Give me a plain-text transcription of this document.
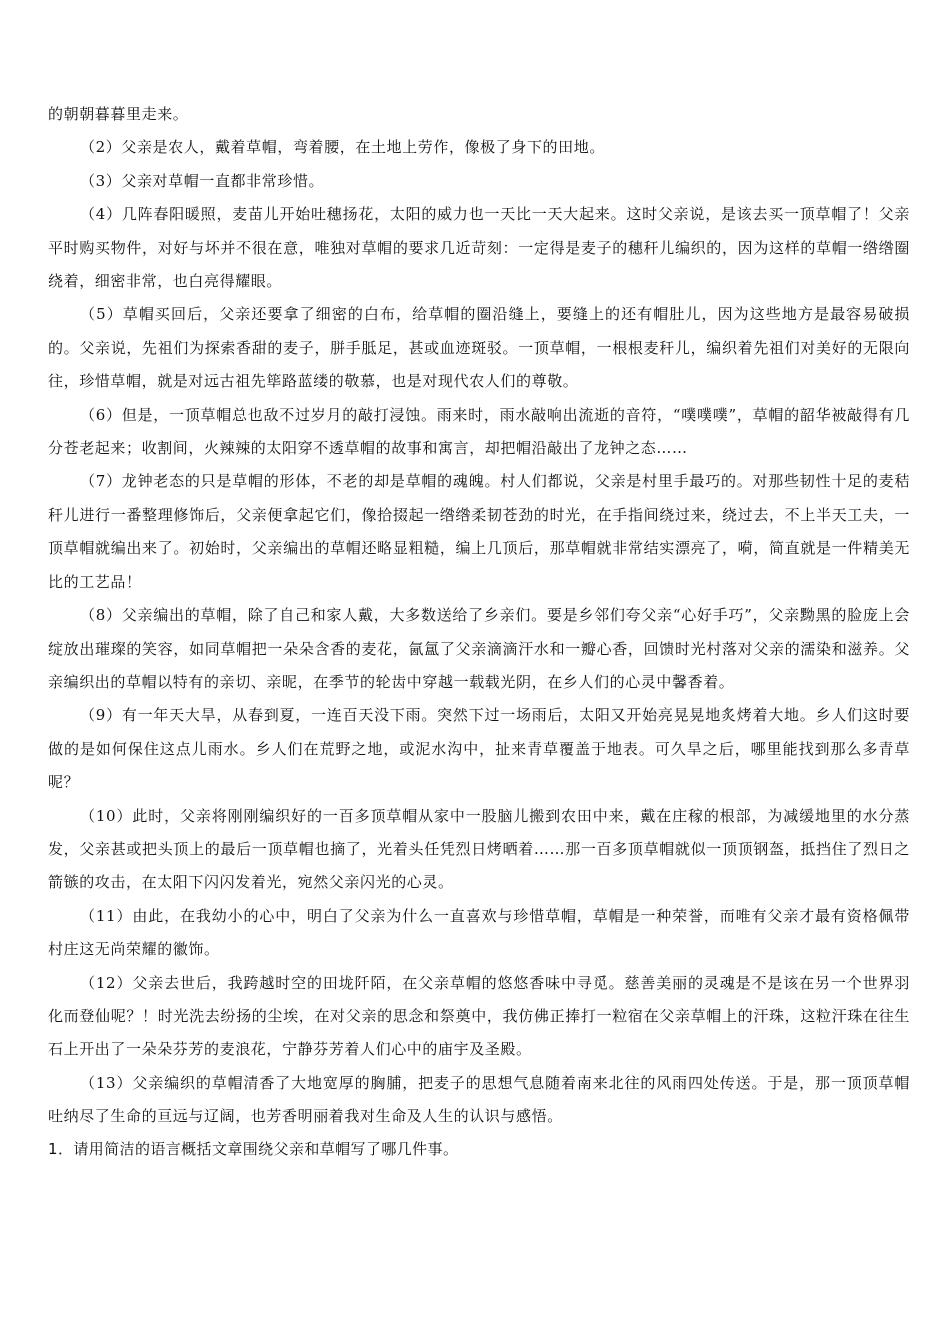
的朝朝暮暮里走来。

（2）父亲是农人，戴着草帽，弯着腰，在土地上劳作，像极了身下的田地。

（3）父亲对草帽一直都非常珍惜。

（4）几阵春阳暖照，麦苗儿开始吐穗扬花，太阳的威力也一天比一天大起来。这时父亲说，是该去买一顶草帽了！父亲平时购买物件，对好与坏并不很在意，唯独对草帽的要求几近苛刻：一定得是麦子的穗秆儿编织的，因为这样的草帽一绺绺圈绕着，细密非常，也白亮得耀眼。

（5）草帽买回后，父亲还要拿了细密的白布，给草帽的圈沿缝上，要缝上的还有帽肚儿，因为这些地方是最容易破损的。父亲说，先祖们为探索香甜的麦子，胼手胝足，甚或血迹斑驳。一顶草帽，一根根麦秆儿，编织着先祖们对美好的无限向往，珍惜草帽，就是对远古祖先筚路蓝缕的敬慕，也是对现代农人们的尊敬。

（6）但是，一顶草帽总也敌不过岁月的敲打浸蚀。雨来时，雨水敲响出流逝的音符，“噗噗噗”，草帽的韶华被敲得有几分苍老起来；收割间，火辣辣的太阳穿不透草帽的故事和寓言，却把帽沿敲出了龙钟之态……

（7）龙钟老态的只是草帽的形体，不老的却是草帽的魂魄。村人们都说，父亲是村里手最巧的。对那些韧性十足的麦秸秆儿进行一番整理修饰后，父亲便拿起它们，像拾掇起一绺绺柔韧苍劲的时光，在手指间绕过来，绕过去，不上半天工夫，一顶草帽就编出来了。初始时，父亲编出的草帽还略显粗糙，编上几顶后，那草帽就非常结实漂亮了，嗬，简直就是一件精美无比的工艺品！

（8）父亲编出的草帽，除了自己和家人戴，大多数送给了乡亲们。要是乡邻们夸父亲“心好手巧”，父亲黝黑的脸庞上会绽放出璀璨的笑容，如同草帽把一朵朵含香的麦花，氤氲了父亲滴滴汗水和一瓣心香，回馈时光村落对父亲的濡染和滋养。父亲编织出的草帽以特有的亲切、亲昵，在季节的轮齿中穿越一载载光阴，在乡人们的心灵中馨香着。

（9）有一年天大旱，从春到夏，一连百天没下雨。突然下过一场雨后，太阳又开始亮晃晃地炙烤着大地。乡人们这时要做的是如何保住这点儿雨水。乡人们在荒野之地，或泥水沟中，扯来青草覆盖于地表。可久旱之后，哪里能找到那么多青草呢？

（10）此时，父亲将刚刚编织好的一百多顶草帽从家中一股脑儿搬到农田中来，戴在庄稼的根部，为减缓地里的水分蒸发，父亲甚或把头顶上的最后一顶草帽也摘了，光着头任凭烈日烤晒着……那一百多顶草帽就似一顶顶钢盔，抵挡住了烈日之箭镞的攻击，在太阳下闪闪发着光，宛然父亲闪光的心灵。

（11）由此，在我幼小的心中，明白了父亲为什么一直喜欢与珍惜草帽，草帽是一种荣誉，而唯有父亲才最有资格佩带村庄这无尚荣耀的徽饰。

（12）父亲去世后，我跨越时空的田垅阡陌，在父亲草帽的悠悠香味中寻觅。慈善美丽的灵魂是不是该在另一个世界羽化而登仙呢？！时光洗去纷扬的尘埃，在对父亲的思念和祭奠中，我仿佛正捧打一粒宿在父亲草帽上的汗珠，这粒汗珠在往生石上开出了一朵朵芬芳的麦浪花，宁静芬芳着人们心中的庙宇及圣殿。

（13）父亲编织的草帽清香了大地宽厚的胸脯，把麦子的思想气息随着南来北往的风雨四处传送。于是，那一顶顶草帽吐纳尽了生命的亘远与辽阔，也芳香明丽着我对生命及人生的认识与感悟。

1．请用简洁的语言概括文章围绕父亲和草帽写了哪几件事。
